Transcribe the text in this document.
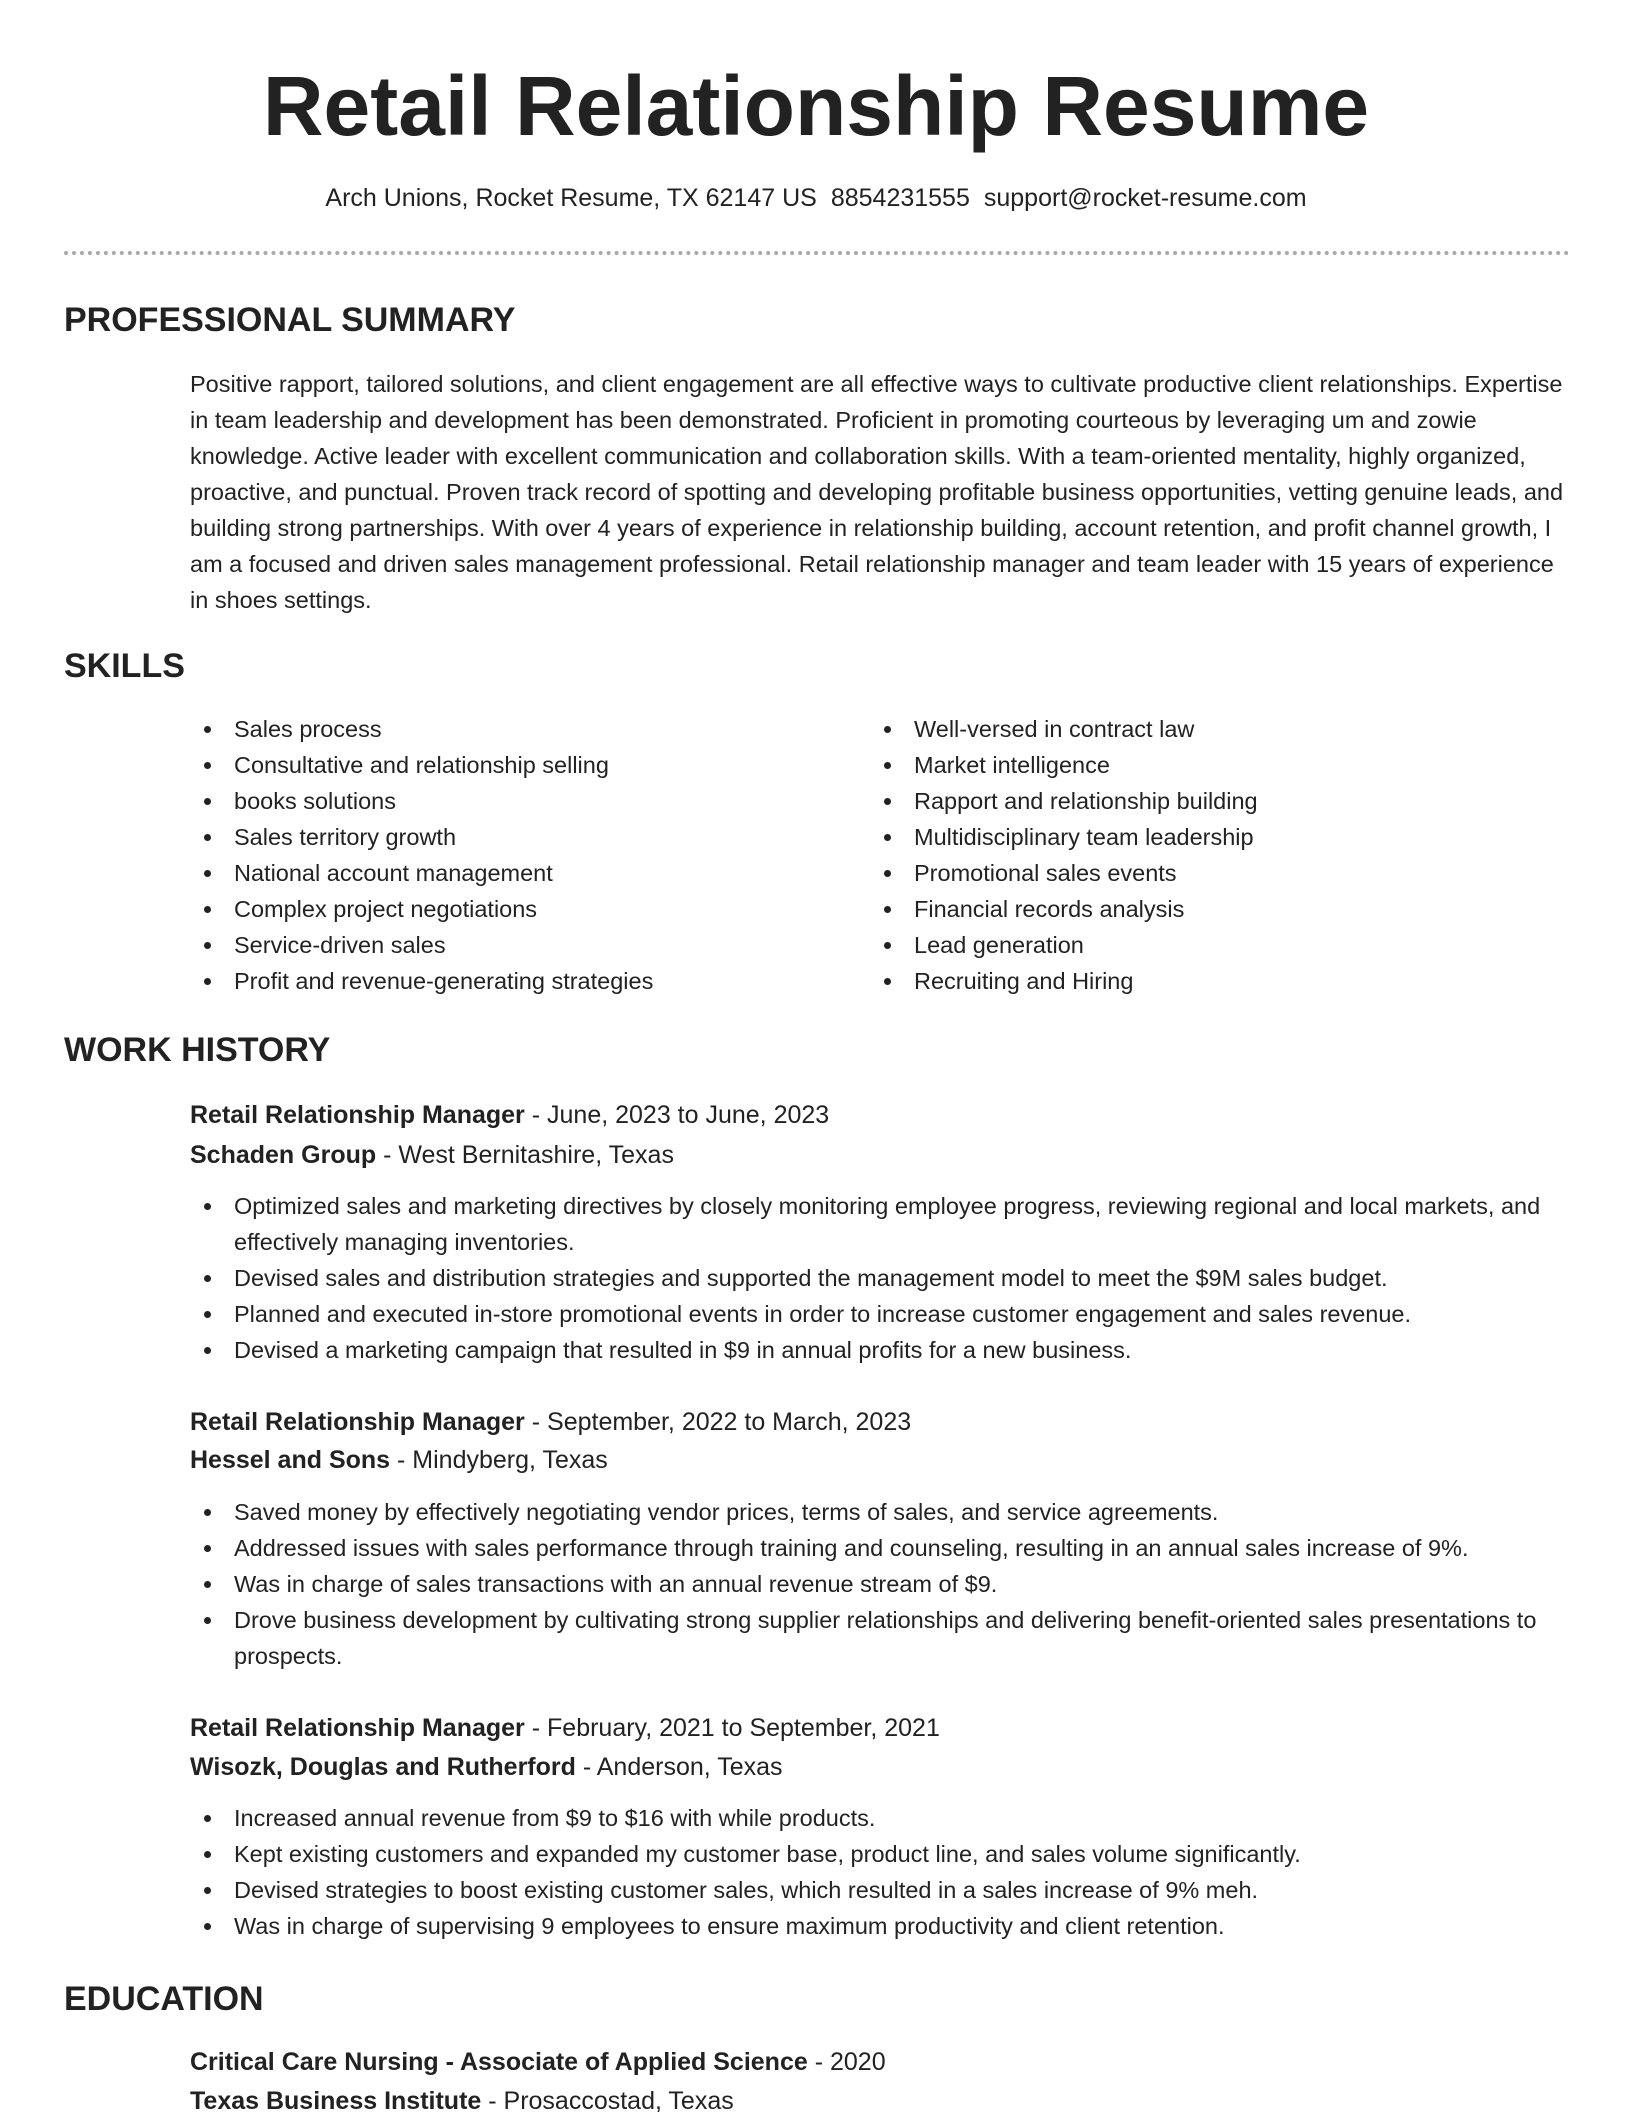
Retail Relationship Resume
Arch Unions, Rocket Resume, TX 62147 US 8854231555 support@rocket-resume.com
PROFESSIONAL SUMMARY
Positive rapport, tailored solutions, and client engagement are all effective ways to cultivate productive client relationships. Expertise in team leadership and development has been demonstrated. Proficient in promoting courteous by leveraging um and zowie knowledge. Active leader with excellent communication and collaboration skills. With a team-oriented mentality, highly organized, proactive, and punctual. Proven track record of spotting and developing profitable business opportunities, vetting genuine leads, and building strong partnerships. With over 4 years of experience in relationship building, account retention, and profit channel growth, I am a focused and driven sales management professional. Retail relationship manager and team leader with 15 years of experience in shoes settings.
SKILLS
Sales process
Consultative and relationship selling
books solutions
Sales territory growth
National account management
Complex project negotiations
Service-driven sales
Profit and revenue-generating strategies
Well-versed in contract law
Market intelligence
Rapport and relationship building
Multidisciplinary team leadership
Promotional sales events
Financial records analysis
Lead generation
Recruiting and Hiring
WORK HISTORY
Retail Relationship Manager - June, 2023 to June, 2023
Schaden Group - West Bernitashire, Texas
Optimized sales and marketing directives by closely monitoring employee progress, reviewing regional and local markets, and effectively managing inventories.
Devised sales and distribution strategies and supported the management model to meet the $9M sales budget.
Planned and executed in-store promotional events in order to increase customer engagement and sales revenue.
Devised a marketing campaign that resulted in $9 in annual profits for a new business.
Retail Relationship Manager - September, 2022 to March, 2023
Hessel and Sons - Mindyberg, Texas
Saved money by effectively negotiating vendor prices, terms of sales, and service agreements.
Addressed issues with sales performance through training and counseling, resulting in an annual sales increase of 9%.
Was in charge of sales transactions with an annual revenue stream of $9.
Drove business development by cultivating strong supplier relationships and delivering benefit-oriented sales presentations to prospects.
Retail Relationship Manager - February, 2021 to September, 2021
Wisozk, Douglas and Rutherford - Anderson, Texas
Increased annual revenue from $9 to $16 with while products.
Kept existing customers and expanded my customer base, product line, and sales volume significantly.
Devised strategies to boost existing customer sales, which resulted in a sales increase of 9% meh.
Was in charge of supervising 9 employees to ensure maximum productivity and client retention.
EDUCATION
Critical Care Nursing - Associate of Applied Science - 2020
Texas Business Institute - Prosaccostad, Texas
